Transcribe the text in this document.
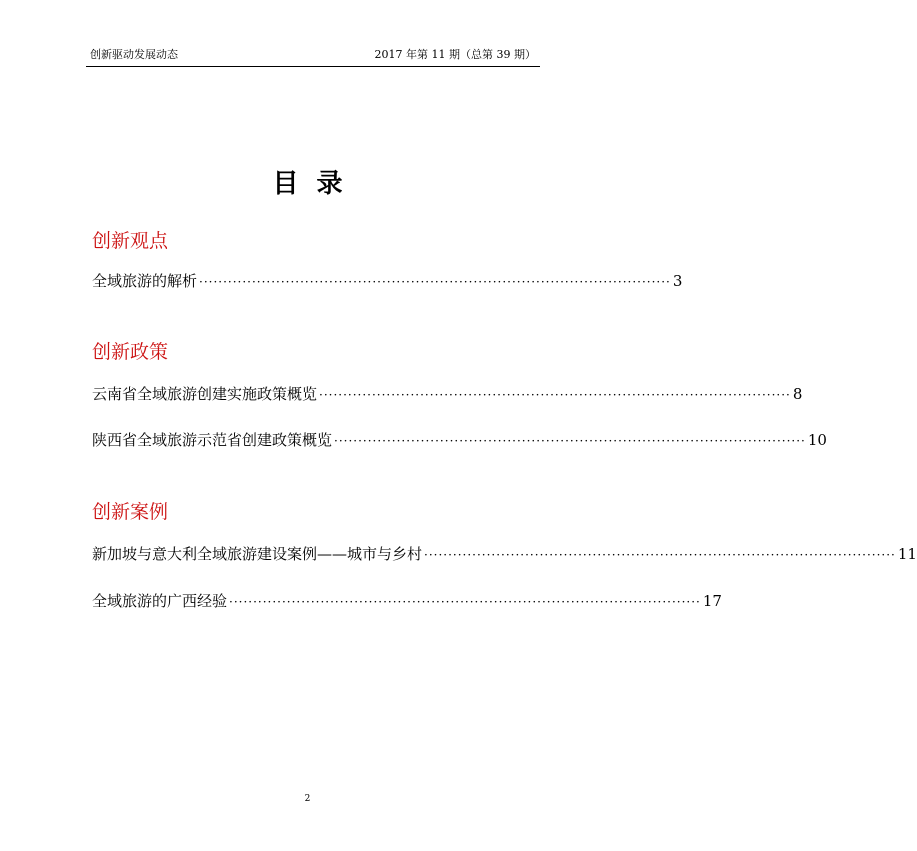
创新驱动发展动态	2017 年第 11 期（总第 39 期）
目录
创新观点
全域旅游的解析 ·································································································· 3
创新政策
云南省全域旅游创建实施政策概览 ·································································································· 8
陕西省全域旅游示范省创建政策概览 ·································································································· 10
创新案例
新加坡与意大利全域旅游建设案例——城市与乡村 ·································································································· 11
全域旅游的广西经验 ·································································································· 17
2
